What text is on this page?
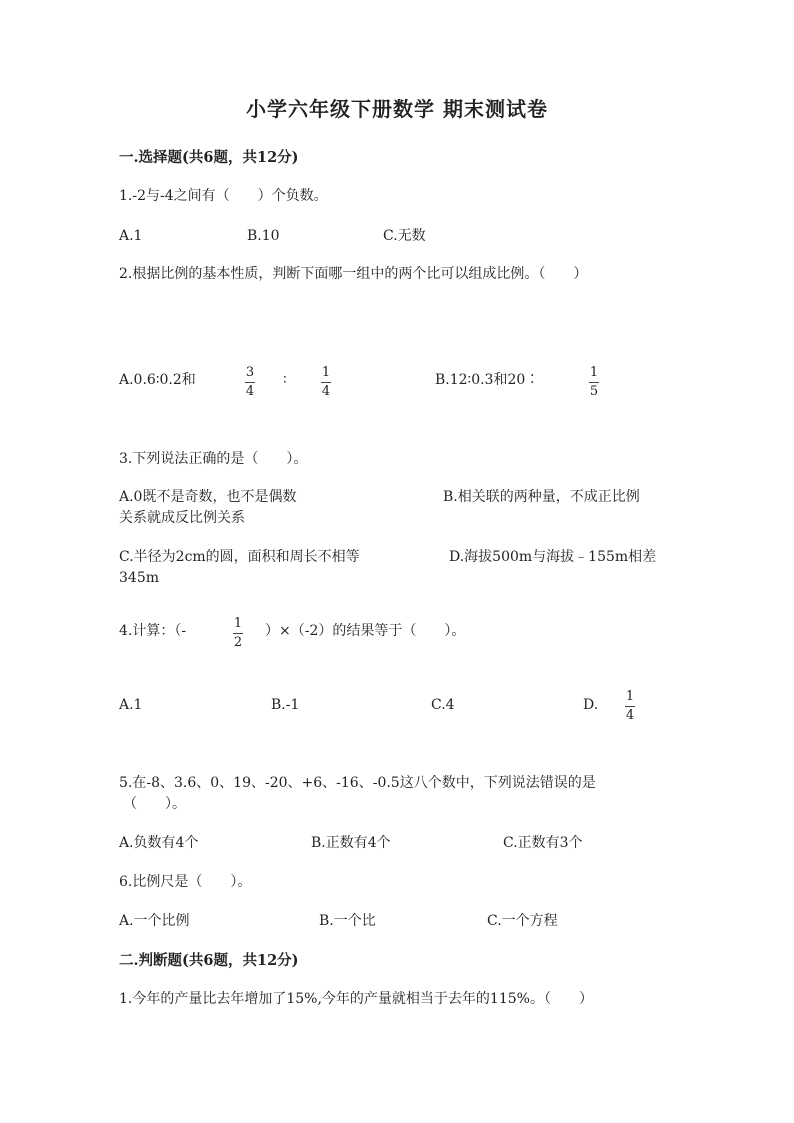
小学六年级下册数学 期末测试卷
一.选择题(共6题，共12分)
1.-2与-4之间有（　　）个负数。
A.1	B.10	C.无数
2.根据比例的基本性质，判断下面哪一组中的两个比可以组成比例。（　　）
A.0.6∶0.2和	3
4
∶	1
4
B.12∶0.3和20∶	1
5
3.下列说法正确的是（　　）。
A.0既不是奇数，也不是偶数	B.相关联的两种量，不成正比例
关系就成反比例关系
C.半径为2cm的圆，面积和周长不相等	D.海拔500m与海拔﹣155m相差
345m
4.计算：（-	1
2
）×（-2）的结果等于（　　）。
A.1	B.-1	C.4	D.
1
4
5.在-8、3.6、0、19、-20、+6、-16、-0.5这八个数中，下列说法错误的是
（　　）。
A.负数有4个	B.正数有4个	C.正数有3个
6.比例尺是（　　）。
A.一个比例	B.一个比	C.一个方程
二.判断题(共6题，共12分)
1.今年的产量比去年增加了15%,今年的产量就相当于去年的115%。（　　）
